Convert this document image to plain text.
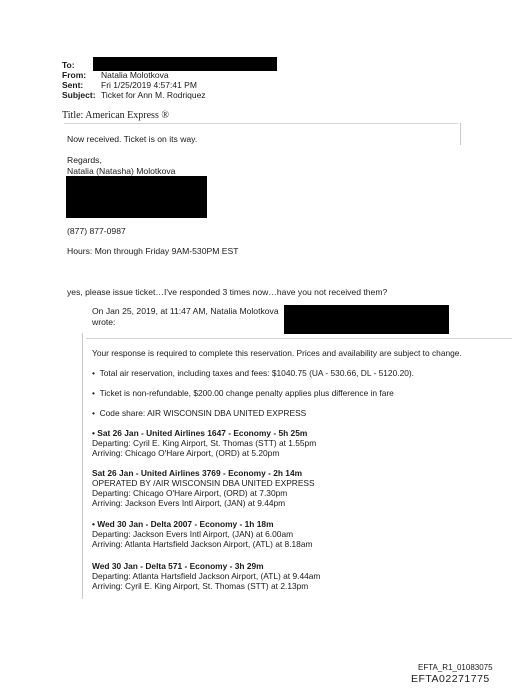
To:
From: Natalia Molotkova
Sent: Fri 1/25/2019 4:57:41 PM
Subject: Ticket for Ann M. Rodriquez
Title: American Express ®
Now received. Ticket is on its way.
Regards,
Natalia (Natasha) Molotkova
(877) 877-0987
Hours: Mon through Friday 9AM-530PM EST
yes, please issue ticket…I've responded 3 times now…have you not received them?
On Jan 25, 2019, at 11:47 AM, Natalia Molotkova
wrote:
Your response is required to complete this reservation. Prices and availability are subject to change.
•  Total air reservation, including taxes and fees: $1040.75 (UA - 530.66, DL - 5120.20).
•  Ticket is non-refundable, $200.00 change penalty applies plus difference in fare
•  Code share: AIR WISCONSIN DBA UNITED EXPRESS
• Sat 26 Jan - United Airlines 1647 - Economy - 5h 25m
Departing: Cyril E. King Airport, St. Thomas (STT) at 1.55pm
Arriving: Chicago O'Hare Airport, (ORD) at 5.20pm
Sat 26 Jan - United Airlines 3769 - Economy - 2h 14m
OPERATED BY /AIR WISCONSIN DBA UNITED EXPRESS
Departing: Chicago O'Hare Airport, (ORD) at 7.30pm
Arriving: Jackson Evers Intl Airport, (JAN) at 9.44pm
• Wed 30 Jan - Delta 2007 - Economy - 1h 18m
Departing: Jackson Evers Intl Airport, (JAN) at 6.00am
Arriving: Atlanta Hartsfield Jackson Airport, (ATL) at 8.18am
Wed 30 Jan - Delta 571 - Economy - 3h 29m
Departing: Atlanta Hartsfield Jackson Airport, (ATL) at 9.44am
Arriving: Cyril E. King Airport, St. Thomas (STT) at 2.13pm
EFTA_R1_01083075
EFTA02271775
